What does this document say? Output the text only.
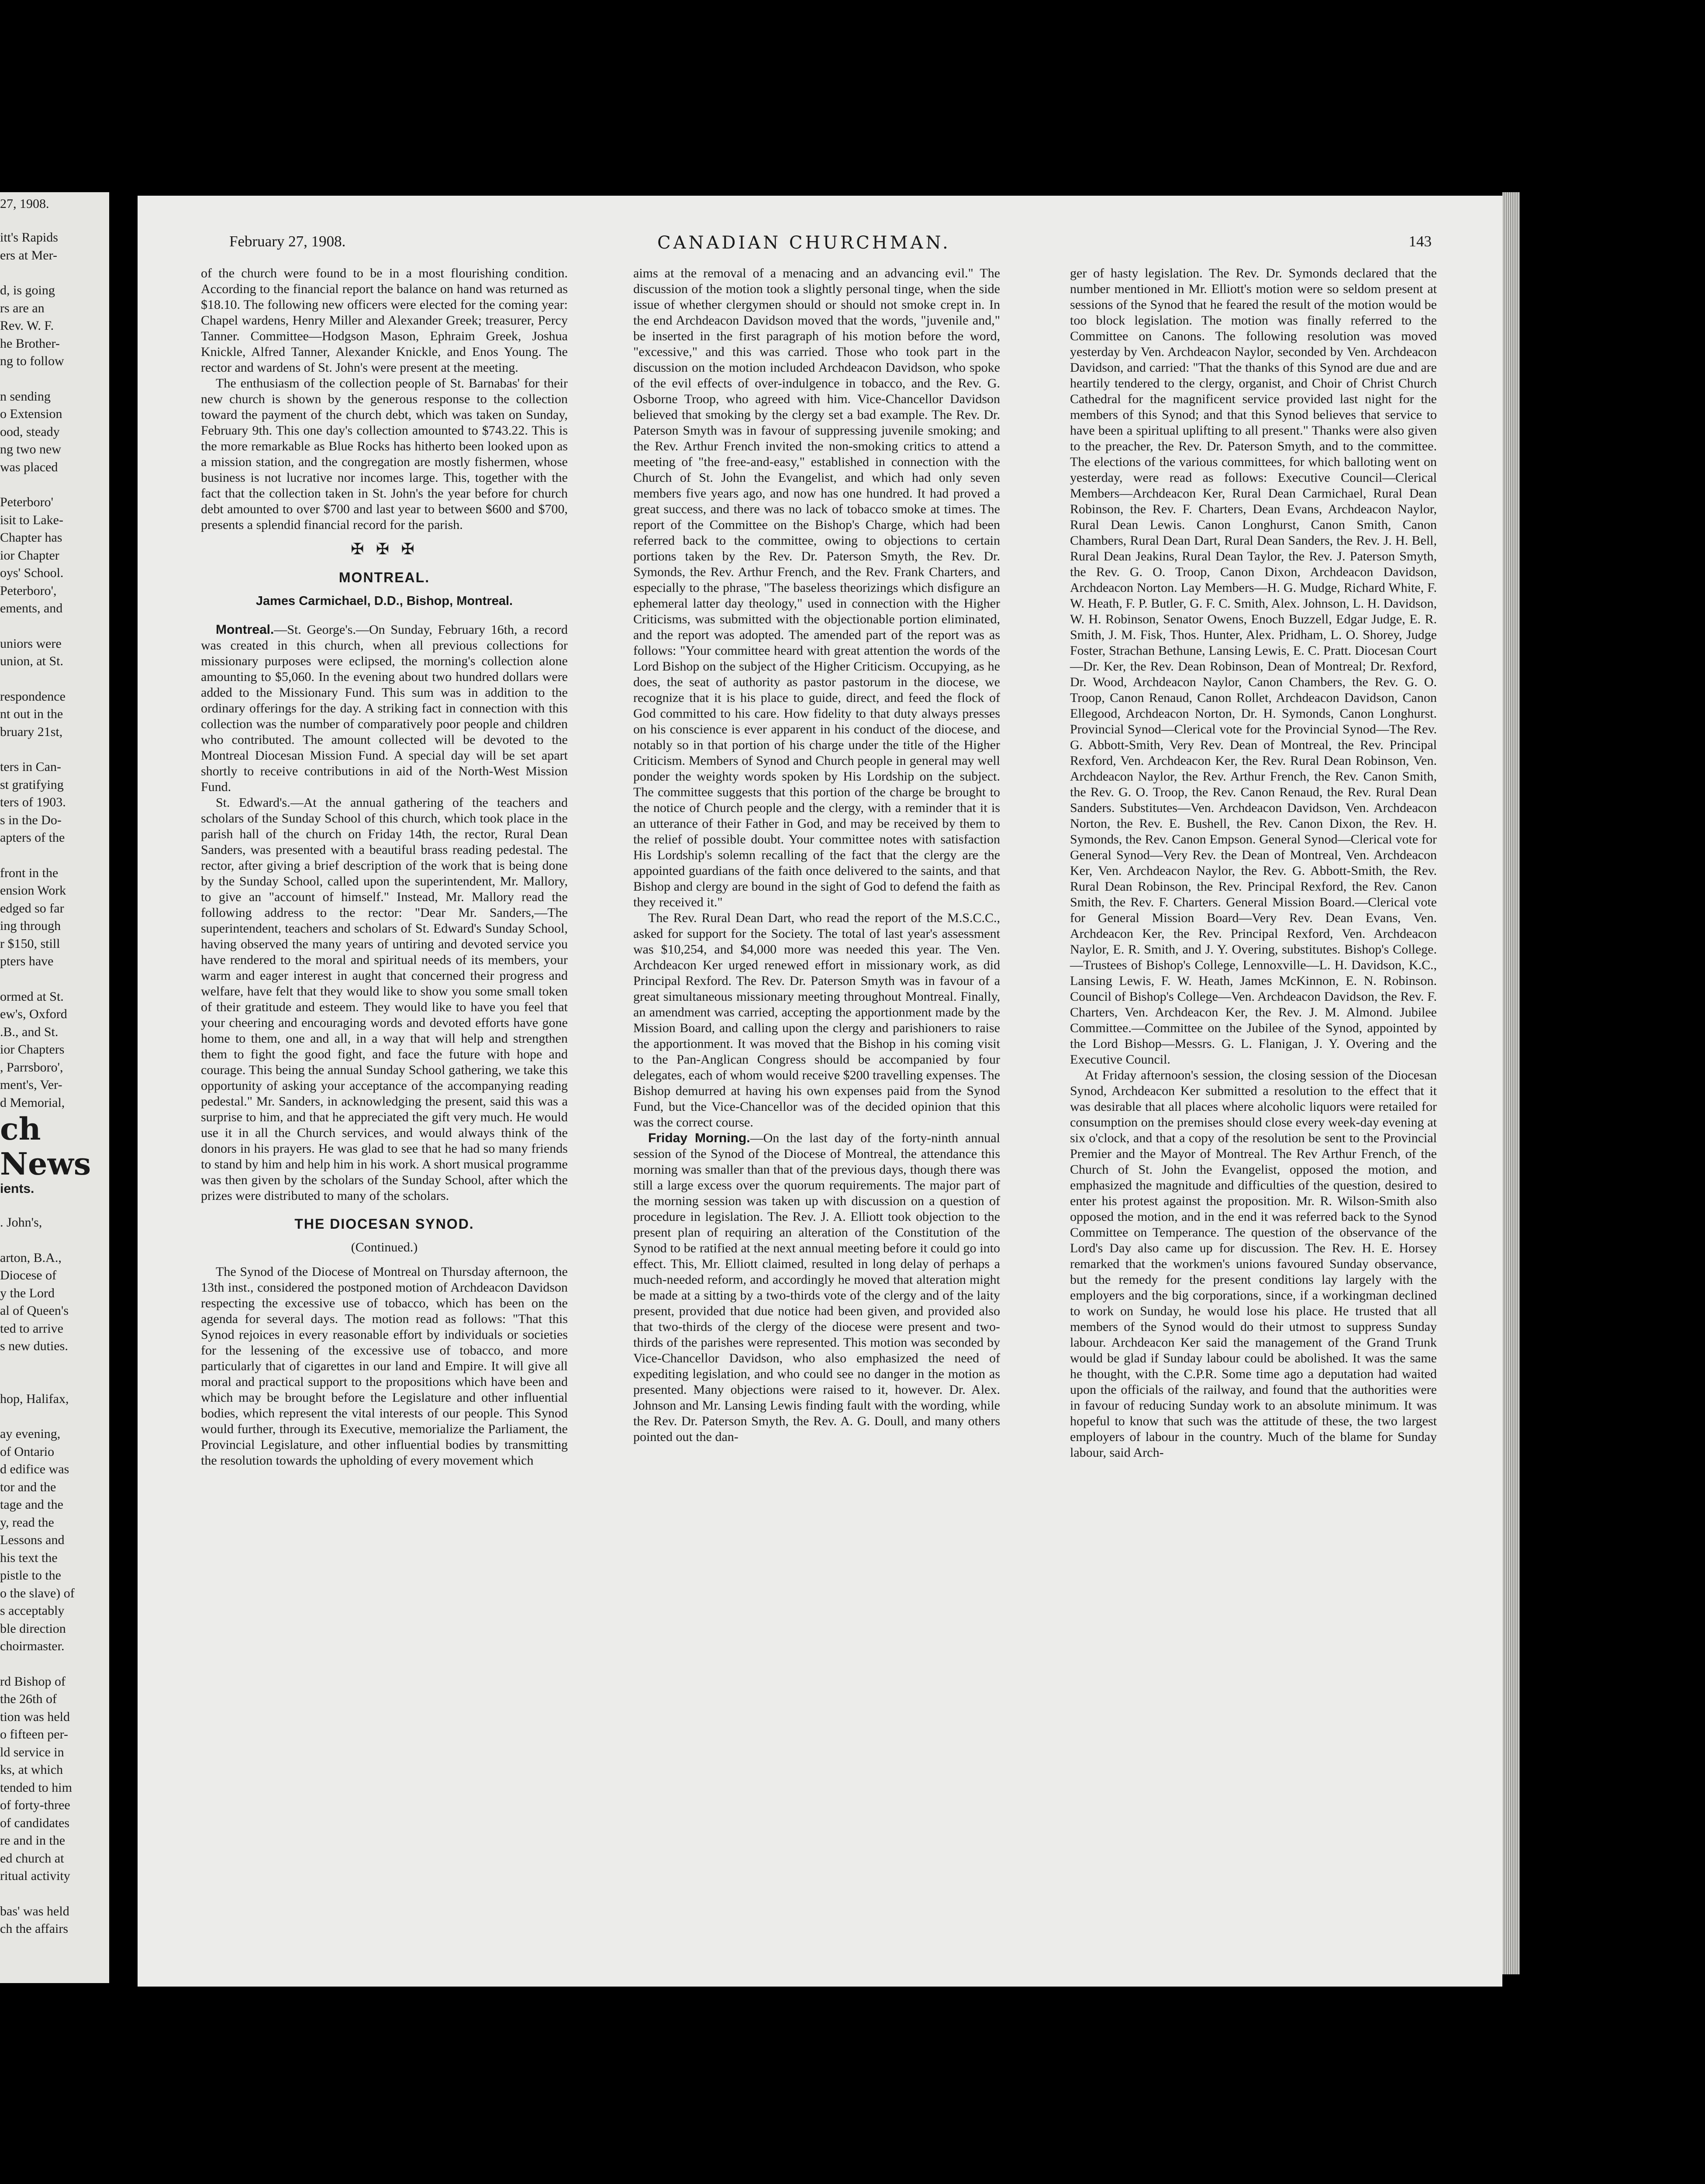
27, 1908.
itt's Rapids
ers at Mer-
d, is going
rs are an
Rev. W. F.
he Brother-
ng to follow
n sending
o Extension
ood, steady
ng two new
was placed
Peterboro'
isit to Lake-
Chapter has
ior Chapter
oys' School.
Peterboro',
ements, and
uniors were
union, at St.
respondence
nt out in the
bruary 21st,
ters in Can-
st gratifying
ters of 1903.
s in the Do-
apters of the
front in the
ension Work
edged so far
ing through
r $150, still
pters have
ormed at St.
ew's, Oxford
.B., and St.
ior Chapters
, Parrsboro',
ment's, Ver-
d Memorial,
ch News
ients.
. John's,
arton, B.A.,
Diocese of
y the Lord
al of Queen's
ted to arrive
s new duties.
hop, Halifax,
ay evening,
of Ontario
d edifice was
tor and the
tage and the
y, read the
Lessons and
his text the
pistle to the
o the slave) of
s acceptably
ble direction
choirmaster.
rd Bishop of
the 26th of
tion was held
o fifteen per-
ld service in
ks, at which
tended to him
of forty-three
of candidates
re and in the
ed church at
ritual activity
bas' was held
ch the affairs
February 27, 1908.	CANADIAN CHURCHMAN.	143

of the church were found to be in a most flourishing condition. According to the financial report the balance on hand was returned as $18.10. The following new officers were elected for the coming year: Chapel wardens, Henry Miller and Alexander Greek; treasurer, Percy Tanner. Committee—Hodgson Mason, Ephraim Greek, Joshua Knickle, Alfred Tanner, Alexander Knickle, and Enos Young. The rector and wardens of St. John's were present at the meeting.

The enthusiasm of the collection people of St. Barnabas' for their new church is shown by the generous response to the collection toward the payment of the church debt, which was taken on Sunday, February 9th. This one day's collection amounted to $743.22. This is the more remarkable as Blue Rocks has hitherto been looked upon as a mission station, and the congregation are mostly fishermen, whose business is not lucrative nor incomes large. This, together with the fact that the collection taken in St. John's the year before for church debt amounted to over $700 and last year to between $600 and $700, presents a splendid financial record for the parish.

✠ ✠ ✠
MONTREAL.
James Carmichael, D.D., Bishop, Montreal.

Montreal.—St. George's.—On Sunday, February 16th, a record was created in this church, when all previous collections for missionary purposes were eclipsed, the morning's collection alone amounting to $5,060. In the evening about two hundred dollars were added to the Missionary Fund. This sum was in addition to the ordinary offerings for the day. A striking fact in connection with this collection was the number of comparatively poor people and children who contributed. The amount collected will be devoted to the Montreal Diocesan Mission Fund. A special day will be set apart shortly to receive contributions in aid of the North-West Mission Fund.

St. Edward's.—At the annual gathering of the teachers and scholars of the Sunday School of this church, which took place in the parish hall of the church on Friday 14th, the rector, Rural Dean Sanders, was presented with a beautiful brass reading pedestal. The rector, after giving a brief description of the work that is being done by the Sunday School, called upon the superintendent, Mr. Mallory, to give an "account of himself." Instead, Mr. Mallory read the following address to the rector: "Dear Mr. Sanders,—The superintendent, teachers and scholars of St. Edward's Sunday School, having observed the many years of untiring and devoted service you have rendered to the moral and spiritual needs of its members, your warm and eager interest in aught that concerned their progress and welfare, have felt that they would like to show you some small token of their gratitude and esteem. They would like to have you feel that your cheering and encouraging words and devoted efforts have gone home to them, one and all, in a way that will help and strengthen them to fight the good fight, and face the future with hope and courage. This being the annual Sunday School gathering, we take this opportunity of asking your acceptance of the accompanying reading pedestal." Mr. Sanders, in acknowledging the present, said this was a surprise to him, and that he appreciated the gift very much. He would use it in all the Church services, and would always think of the donors in his prayers. He was glad to see that he had so many friends to stand by him and help him in his work. A short musical programme was then given by the scholars of the Sunday School, after which the prizes were distributed to many of the scholars.

THE DIOCESAN SYNOD.
(Continued.)

The Synod of the Diocese of Montreal on Thursday afternoon, the 13th inst., considered the postponed motion of Archdeacon Davidson respecting the excessive use of tobacco, which has been on the agenda for several days. The motion read as follows: "That this Synod rejoices in every reasonable effort by individuals or societies for the lessening of the excessive use of tobacco, and more particularly that of cigarettes in our land and Empire. It will give all moral and practical support to the propositions which have been and which may be brought before the Legislature and other influential bodies, which represent the vital interests of our people. This Synod would further, through its Executive, memorialize the Parliament, the Provincial Legislature, and other influential bodies by transmitting the resolution towards the upholding of every movement which

aims at the removal of a menacing and an advancing evil." The discussion of the motion took a slightly personal tinge, when the side issue of whether clergymen should or should not smoke crept in. In the end Archdeacon Davidson moved that the words, "juvenile and," be inserted in the first paragraph of his motion before the word, "excessive," and this was carried. Those who took part in the discussion on the motion included Archdeacon Davidson, who spoke of the evil effects of over-indulgence in tobacco, and the Rev. G. Osborne Troop, who agreed with him. Vice-Chancellor Davidson believed that smoking by the clergy set a bad example. The Rev. Dr. Paterson Smyth was in favour of suppressing juvenile smoking; and the Rev. Arthur French invited the non-smoking critics to attend a meeting of "the free-and-easy," established in connection with the Church of St. John the Evangelist, and which had only seven members five years ago, and now has one hundred. It had proved a great success, and there was no lack of tobacco smoke at times. The report of the Committee on the Bishop's Charge, which had been referred back to the committee, owing to objections to certain portions taken by the Rev. Dr. Paterson Smyth, the Rev. Dr. Symonds, the Rev. Arthur French, and the Rev. Frank Charters, and especially to the phrase, "The baseless theorizings which disfigure an ephemeral latter day theology," used in connection with the Higher Criticisms, was submitted with the objectionable portion eliminated, and the report was adopted. The amended part of the report was as follows: "Your committee heard with great attention the words of the Lord Bishop on the subject of the Higher Criticism. Occupying, as he does, the seat of authority as pastor pastorum in the diocese, we recognize that it is his place to guide, direct, and feed the flock of God committed to his care. How fidelity to that duty always presses on his conscience is ever apparent in his conduct of the diocese, and notably so in that portion of his charge under the title of the Higher Criticism. Members of Synod and Church people in general may well ponder the weighty words spoken by His Lordship on the subject. The committee suggests that this portion of the charge be brought to the notice of Church people and the clergy, with a reminder that it is an utterance of their Father in God, and may be received by them to the relief of possible doubt. Your committee notes with satisfaction His Lordship's solemn recalling of the fact that the clergy are the appointed guardians of the faith once delivered to the saints, and that Bishop and clergy are bound in the sight of God to defend the faith as they received it."

The Rev. Rural Dean Dart, who read the report of the M.S.C.C., asked for support for the Society. The total of last year's assessment was $10,254, and $4,000 more was needed this year. The Ven. Archdeacon Ker urged renewed effort in missionary work, as did Principal Rexford. The Rev. Dr. Paterson Smyth was in favour of a great simultaneous missionary meeting throughout Montreal. Finally, an amendment was carried, accepting the apportionment made by the Mission Board, and calling upon the clergy and parishioners to raise the apportionment. It was moved that the Bishop in his coming visit to the Pan-Anglican Congress should be accompanied by four delegates, each of whom would receive $200 travelling expenses. The Bishop demurred at having his own expenses paid from the Synod Fund, but the Vice-Chancellor was of the decided opinion that this was the correct course.

Friday Morning.—On the last day of the forty-ninth annual session of the Synod of the Diocese of Montreal, the attendance this morning was smaller than that of the previous days, though there was still a large excess over the quorum requirements. The major part of the morning session was taken up with discussion on a question of procedure in legislation. The Rev. J. A. Elliott took objection to the present plan of requiring an alteration of the Constitution of the Synod to be ratified at the next annual meeting before it could go into effect. This, Mr. Elliott claimed, resulted in long delay of perhaps a much-needed reform, and accordingly he moved that alteration might be made at a sitting by a two-thirds vote of the clergy and of the laity present, provided that due notice had been given, and provided also that two-thirds of the clergy of the diocese were present and two-thirds of the parishes were represented. This motion was seconded by Vice-Chancellor Davidson, who also emphasized the need of expediting legislation, and who could see no danger in the motion as presented. Many objections were raised to it, however. Dr. Alex. Johnson and Mr. Lansing Lewis finding fault with the wording, while the Rev. Dr. Paterson Smyth, the Rev. A. G. Doull, and many others pointed out the dan-

ger of hasty legislation. The Rev. Dr. Symonds declared that the number mentioned in Mr. Elliott's motion were so seldom present at sessions of the Synod that he feared the result of the motion would be too block legislation. The motion was finally referred to the Committee on Canons. The following resolution was moved yesterday by Ven. Archdeacon Naylor, seconded by Ven. Archdeacon Davidson, and carried: "That the thanks of this Synod are due and are heartily tendered to the clergy, organist, and Choir of Christ Church Cathedral for the magnificent service provided last night for the members of this Synod; and that this Synod believes that service to have been a spiritual uplifting to all present." Thanks were also given to the preacher, the Rev. Dr. Paterson Smyth, and to the committee. The elections of the various committees, for which balloting went on yesterday, were read as follows: Executive Council—Clerical Members—Archdeacon Ker, Rural Dean Carmichael, Rural Dean Robinson, the Rev. F. Charters, Dean Evans, Archdeacon Naylor, Rural Dean Lewis. Canon Longhurst, Canon Smith, Canon Chambers, Rural Dean Dart, Rural Dean Sanders, the Rev. J. H. Bell, Rural Dean Jeakins, Rural Dean Taylor, the Rev. J. Paterson Smyth, the Rev. G. O. Troop, Canon Dixon, Archdeacon Davidson, Archdeacon Norton. Lay Members—H. G. Mudge, Richard White, F. W. Heath, F. P. Butler, G. F. C. Smith, Alex. Johnson, L. H. Davidson, W. H. Robinson, Senator Owens, Enoch Buzzell, Edgar Judge, E. R. Smith, J. M. Fisk, Thos. Hunter, Alex. Pridham, L. O. Shorey, Judge Foster, Strachan Bethune, Lansing Lewis, E. C. Pratt. Diocesan Court—Dr. Ker, the Rev. Dean Robinson, Dean of Montreal; Dr. Rexford, Dr. Wood, Archdeacon Naylor, Canon Chambers, the Rev. G. O. Troop, Canon Renaud, Canon Rollet, Archdeacon Davidson, Canon Ellegood, Archdeacon Norton, Dr. H. Symonds, Canon Longhurst. Provincial Synod—Clerical vote for the Provincial Synod—The Rev. G. Abbott-Smith, Very Rev. Dean of Montreal, the Rev. Principal Rexford, Ven. Archdeacon Ker, the Rev. Rural Dean Robinson, Ven. Archdeacon Naylor, the Rev. Arthur French, the Rev. Canon Smith, the Rev. G. O. Troop, the Rev. Canon Renaud, the Rev. Rural Dean Sanders. Substitutes—Ven. Archdeacon Davidson, Ven. Archdeacon Norton, the Rev. E. Bushell, the Rev. Canon Dixon, the Rev. H. Symonds, the Rev. Canon Empson. General Synod—Clerical vote for General Synod—Very Rev. the Dean of Montreal, Ven. Archdeacon Ker, Ven. Archdeacon Naylor, the Rev. G. Abbott-Smith, the Rev. Rural Dean Robinson, the Rev. Principal Rexford, the Rev. Canon Smith, the Rev. F. Charters. General Mission Board.—Clerical vote for General Mission Board—Very Rev. Dean Evans, Ven. Archdeacon Ker, the Rev. Principal Rexford, Ven. Archdeacon Naylor, E. R. Smith, and J. Y. Overing, substitutes. Bishop's College.—Trustees of Bishop's College, Lennoxville—L. H. Davidson, K.C., Lansing Lewis, F. W. Heath, James McKinnon, E. N. Robinson. Council of Bishop's College—Ven. Archdeacon Davidson, the Rev. F. Charters, Ven. Archdeacon Ker, the Rev. J. M. Almond. Jubilee Committee.—Committee on the Jubilee of the Synod, appointed by the Lord Bishop—Messrs. G. L. Flanigan, J. Y. Overing and the Executive Council.

At Friday afternoon's session, the closing session of the Diocesan Synod, Archdeacon Ker submitted a resolution to the effect that it was desirable that all places where alcoholic liquors were retailed for consumption on the premises should close every week-day evening at six o'clock, and that a copy of the resolution be sent to the Provincial Premier and the Mayor of Montreal. The Rev Arthur French, of the Church of St. John the Evangelist, opposed the motion, and emphasized the magnitude and difficulties of the question, desired to enter his protest against the proposition. Mr. R. Wilson-Smith also opposed the motion, and in the end it was referred back to the Synod Committee on Temperance. The question of the observance of the Lord's Day also came up for discussion. The Rev. H. E. Horsey remarked that the workmen's unions favoured Sunday observance, but the remedy for the present conditions lay largely with the employers and the big corporations, since, if a workingman declined to work on Sunday, he would lose his place. He trusted that all members of the Synod would do their utmost to suppress Sunday labour. Archdeacon Ker said the management of the Grand Trunk would be glad if Sunday labour could be abolished. It was the same he thought, with the C.P.R. Some time ago a deputation had waited upon the officials of the railway, and found that the authorities were in favour of reducing Sunday work to an absolute minimum. It was hopeful to know that such was the attitude of these, the two largest employers of labour in the country. Much of the blame for Sunday labour, said Arch-
